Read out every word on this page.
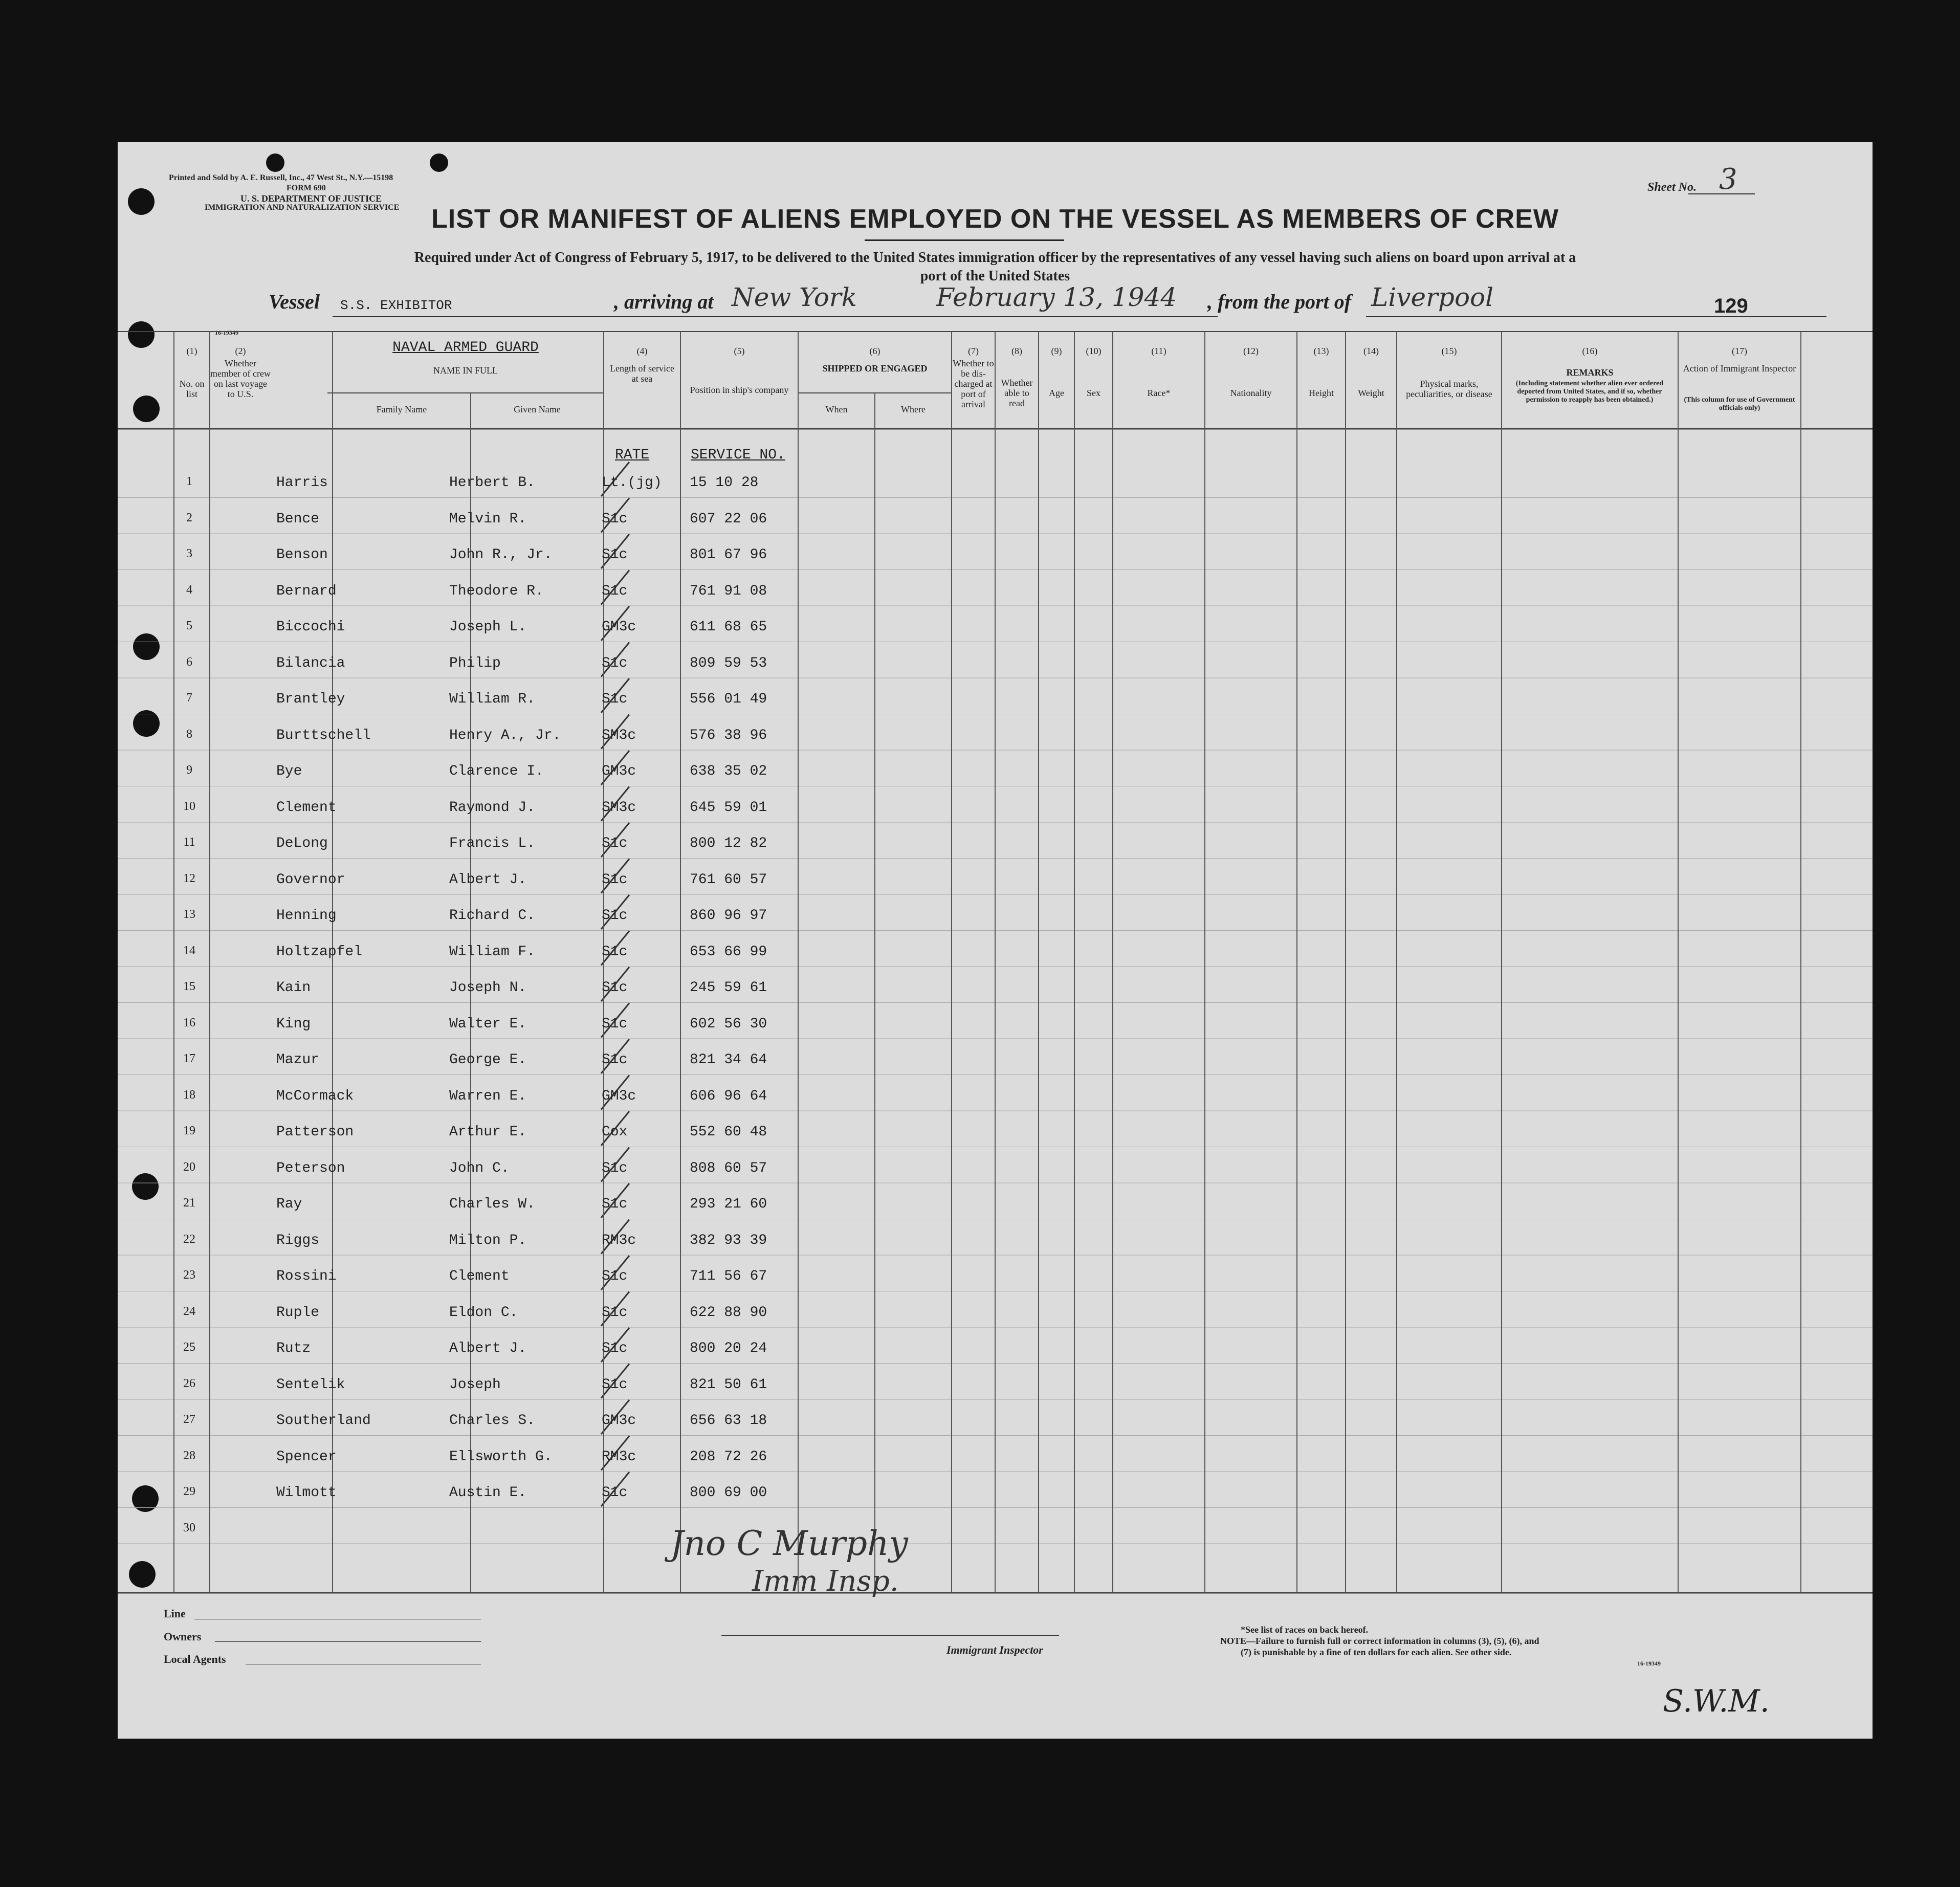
Printed and Sold by A. E. Russell, Inc., 47 West St., N.Y.—15198
FORM 690
U. S. DEPARTMENT OF JUSTICE
IMMIGRATION AND NATURALIZATION SERVICE
16-19349
Sheet No. 3
LIST OR MANIFEST OF ALIENS EMPLOYED ON THE VESSEL AS MEMBERS OF CREW
Required under Act of Congress of February 5, 1917, to be delivered to the United States immigration officer by the representatives of any vessel having such aliens on board upon arrival at a
port of the United States
Vessel S.S. EXHIBITOR	, arriving at New York	February 13, 1944 , from the port of Liverpool	129
(1)
No. on list
(2)
Whether member of crew on last voyage to U.S.
NAVAL ARMED GUARD
NAME IN FULL
Family Name	Given Name
(4)
Length of service at sea
(5)
Position in ship's company
(6)
SHIPPED OR ENGAGED
When	Where
(7)
Whether to be dis-charged at port of arrival
(8)
Whether able to read
(9)
Age
(10)
Sex
(11)
Race*
(12)
Nationality
(13)
Height
(14)
Weight
(15)
Physical marks, peculiarities, or disease
(16)
REMARKS
(Including statement whether alien ever ordered deported from United States, and if so, whether permission to reapply has been obtained.)
(17)
Action of Immigrant Inspector
(This column for use of Government officials only)
RATE	SERVICE NO.
1	Harris	Herbert B.	Lt.(jg) 15 10 28
2	Bence	Melvin R.	S1c	607 22 06
3	Benson	John R., Jr.	S1c	801 67 96
4	Bernard	Theodore R.	S1c	761 91 08
5	Biccochi	Joseph L.	GM3c	611 68 65
6	Bilancia	Philip	S1c	809 59 53
7	Brantley	William R.	S1c	556 01 49
8	Burttschell	Henry A., Jr.	SM3c	576 38 96
9	Bye	Clarence I.	GM3c	638 35 02
10	Clement	Raymond J.	SM3c	645 59 01
11	DeLong	Francis L.	S1c	800 12 82
12	Governor	Albert J.	S1c	761 60 57
13	Henning	Richard C.	S1c	860 96 97
14	Holtzapfel	William F.	S1c	653 66 99
15	Kain	Joseph N.	S1c	245 59 61
16	King	Walter E.	S1c	602 56 30
17	Mazur	George E.	S1c	821 34 64
18	McCormack	Warren E.	GM3c	606 96 64
19	Patterson	Arthur E.	Cox	552 60 48
20	Peterson	John C.	S1c	808 60 57
21	Ray	Charles W.	S1c	293 21 60
22	Riggs	Milton P.	RM3c	382 93 39
23	Rossini	Clement	S1c	711 56 67
24	Ruple	Eldon C.	S1c	622 88 90
25	Rutz	Albert J.	S1c	800 20 24
26	Sentelik	Joseph	S1c	821 50 61
27	Southerland	Charles S.	GM3c	656 63 18
28	Spencer	Ellsworth G.	RM3c	208 72 26
29	Wilmott	Austin E.	S1c	800 69 00
30	Jno C Murphy
Imm Insp.
Line
Owners
Local Agents
Immigrant Inspector
*See list of races on back hereof.
NOTE—Failure to furnish full or correct information in columns (3), (5), (6), and
(7) is punishable by a fine of ten dollars for each alien. See other side.
16-19349
S.W.M.
